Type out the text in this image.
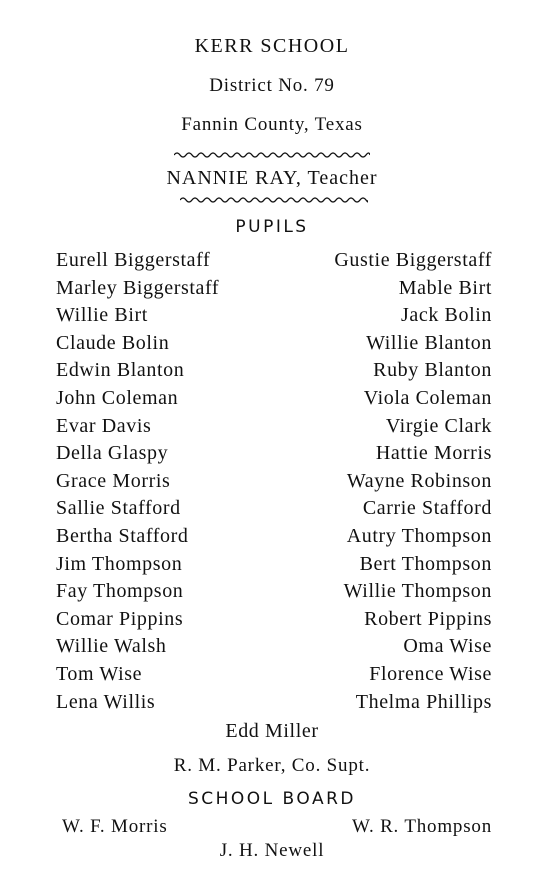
KERR SCHOOL
District No. 79
Fannin County, Texas
NANNIE RAY, Teacher
PUPILS
Eurell Biggerstaff	Gustie Biggerstaff
Marley Biggerstaff	Mable Birt
Willie Birt	Jack Bolin
Claude Bolin	Willie Blanton
Edwin Blanton	Ruby Blanton
John Coleman	Viola Coleman
Evar Davis	Virgie Clark
Della Glaspy	Hattie Morris
Grace Morris	Wayne Robinson
Sallie Stafford	Carrie Stafford
Bertha Stafford	Autry Thompson
Jim Thompson	Bert Thompson
Fay Thompson	Willie Thompson
Comar Pippins	Robert Pippins
Willie Walsh	Oma Wise
Tom Wise	Florence Wise
Lena Willis	Thelma Phillips
Edd Miller
R. M. Parker, Co. Supt.
SCHOOL BOARD
W. F. Morris	W. R. Thompson
J. H. Newell
